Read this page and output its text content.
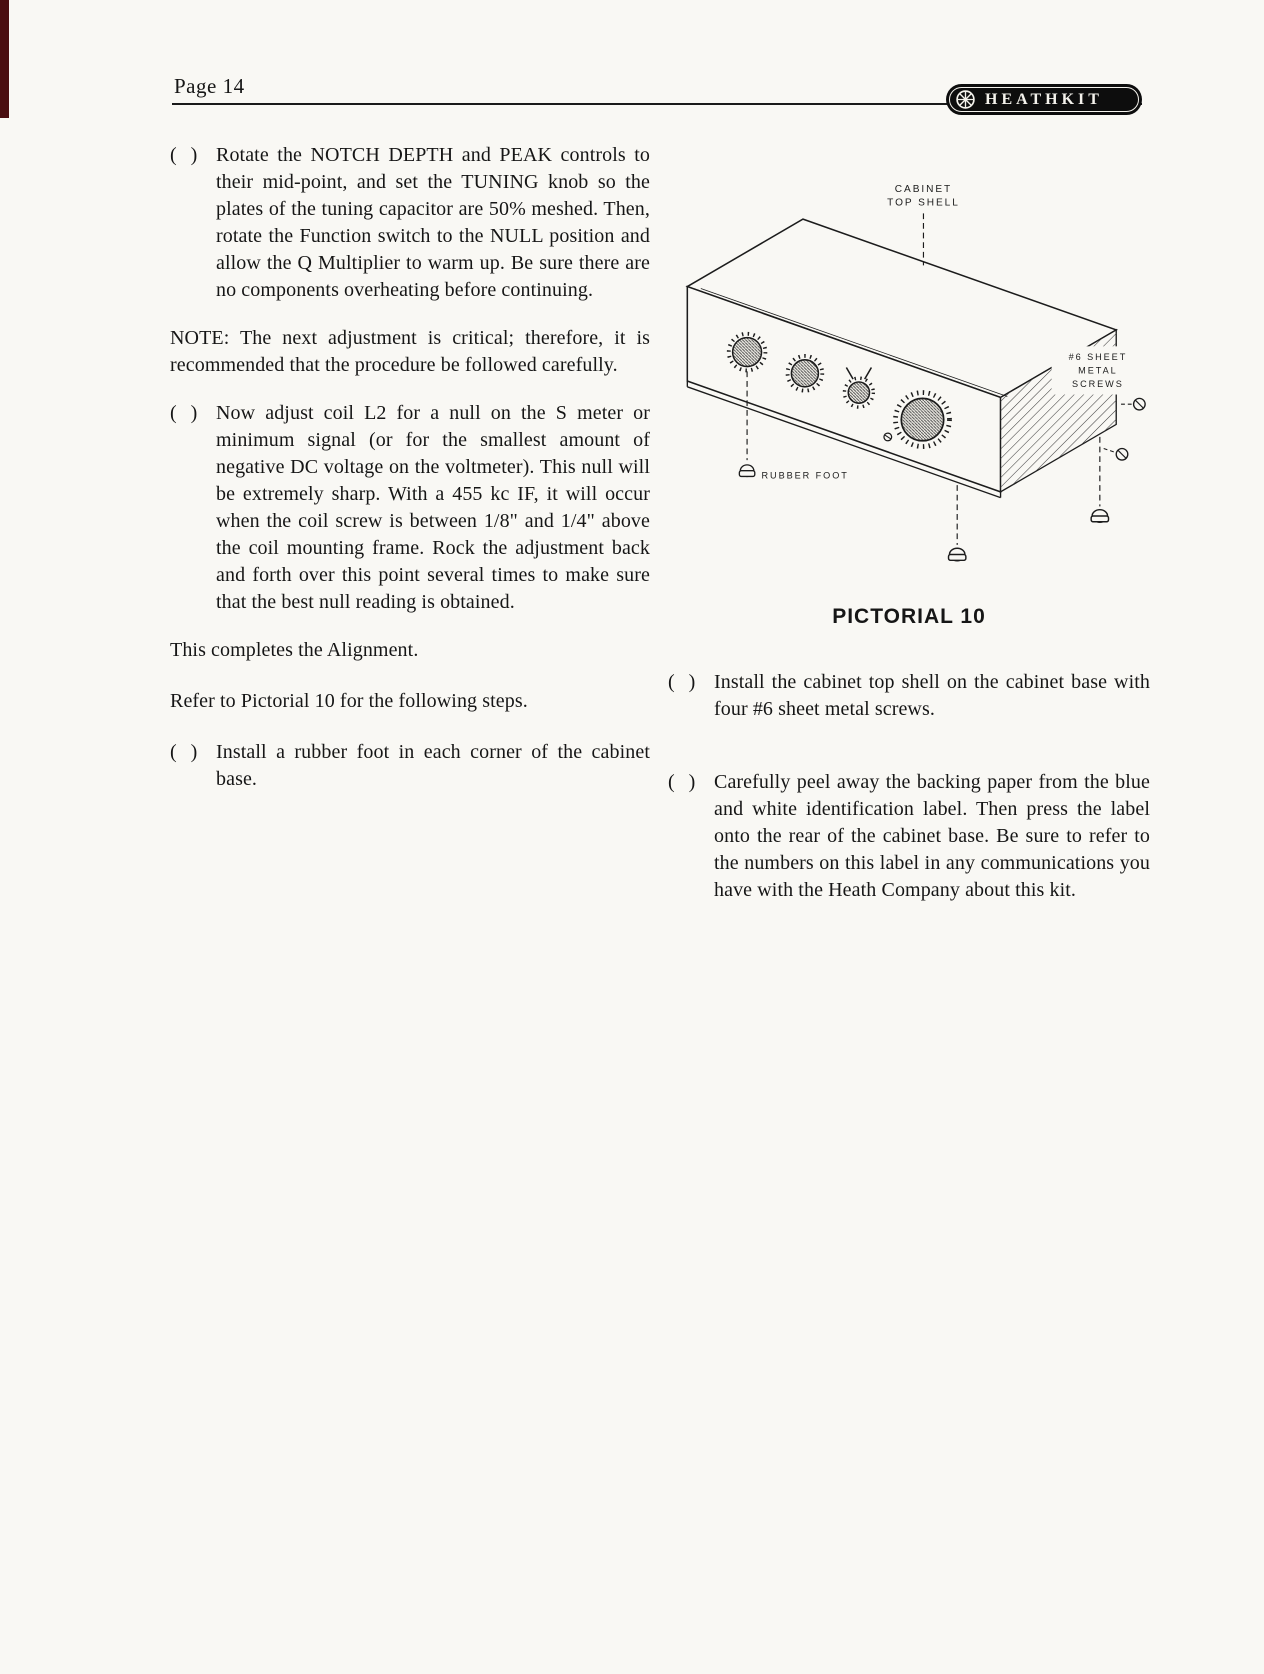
Page 14
HEATHKIT
( ) Rotate the NOTCH DEPTH and PEAK controls to their mid-point, and set the TUNING knob so the plates of the tuning capacitor are 50% meshed. Then, rotate the Function switch to the NULL position and allow the Q Multiplier to warm up. Be sure there are no components overheating before continuing.

NOTE: The next adjustment is critical; therefore, it is recommended that the procedure be followed carefully.

( ) Now adjust coil L2 for a null on the S meter or minimum signal (or for the smallest amount of negative DC voltage on the voltmeter). This null will be extremely sharp. With a 455 kc IF, it will occur when the coil screw is between 1/8" and 1/4" above the coil mounting frame. Rock the adjustment back and forth over this point several times to make sure that the best null reading is obtained.

This completes the Alignment.

Refer to Pictorial 10 for the following steps.

( ) Install a rubber foot in each corner of the cabinet base.

CABINET
TOP SHELL
RUBBER FOOT
#6 SHEET
METAL
SCREWS
PICTORIAL 10
( ) Install the cabinet top shell on the cabinet base with four #6 sheet metal screws.

( ) Carefully peel away the backing paper from the blue and white identification label. Then press the label onto the rear of the cabinet base. Be sure to refer to the numbers on this label in any communications you have with the Heath Company about this kit.
